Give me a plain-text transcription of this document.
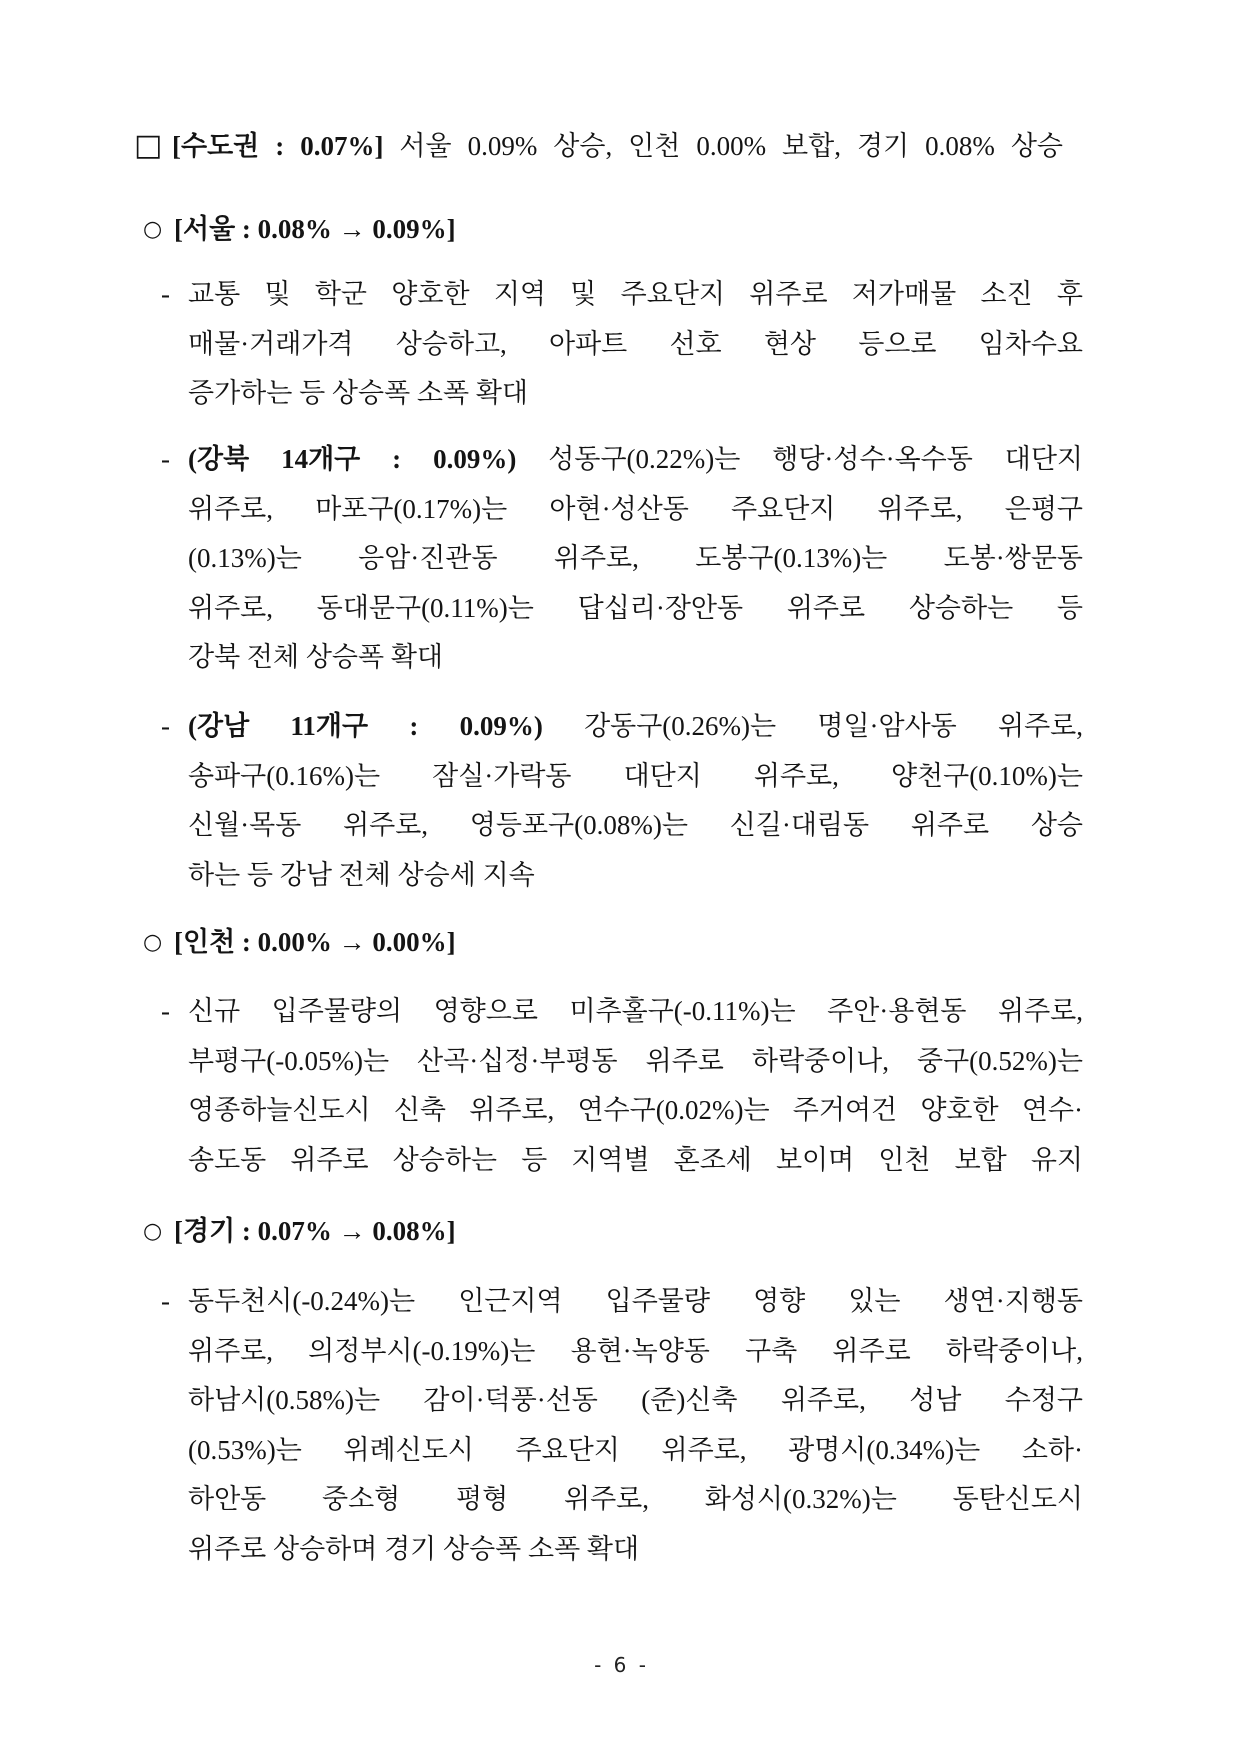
□ [수도권 : 0.07%] 서울 0.09% 상승, 인천 0.00% 보합, 경기 0.08% 상승
○ [서울 : 0.08% → 0.09%]
- 교통 및 학군 양호한 지역 및 주요단지 위주로 저가매물 소진 후
매물·거래가격 상승하고, 아파트 선호 현상 등으로 임차수요
증가하는 등 상승폭 소폭 확대
- (강북 14개구 : 0.09%) 성동구(0.22%)는 행당·성수·옥수동 대단지
위주로, 마포구(0.17%)는 아현·성산동 주요단지 위주로, 은평구
(0.13%)는 응암·진관동 위주로, 도봉구(0.13%)는 도봉·쌍문동
위주로, 동대문구(0.11%)는 답십리·장안동 위주로 상승하는 등
강북 전체 상승폭 확대
- (강남 11개구 : 0.09%) 강동구(0.26%)는 명일·암사동 위주로,
송파구(0.16%)는 잠실·가락동 대단지 위주로, 양천구(0.10%)는
신월·목동 위주로, 영등포구(0.08%)는 신길·대림동 위주로 상승
하는 등 강남 전체 상승세 지속
○ [인천 : 0.00% → 0.00%]
- 신규 입주물량의 영향으로 미추홀구(-0.11%)는 주안·용현동 위주로,
부평구(-0.05%)는 산곡·십정·부평동 위주로 하락중이나, 중구(0.52%)는
영종하늘신도시 신축 위주로, 연수구(0.02%)는 주거여건 양호한 연수·
송도동 위주로 상승하는 등 지역별 혼조세 보이며 인천 보합 유지
○ [경기 : 0.07% → 0.08%]
- 동두천시(-0.24%)는 인근지역 입주물량 영향 있는 생연·지행동
위주로, 의정부시(-0.19%)는 용현·녹양동 구축 위주로 하락중이나,
하남시(0.58%)는 감이·덕풍·선동 (준)신축 위주로, 성남 수정구
(0.53%)는 위례신도시 주요단지 위주로, 광명시(0.34%)는 소하·
하안동 중소형 평형 위주로, 화성시(0.32%)는 동탄신도시
위주로 상승하며 경기 상승폭 소폭 확대
- 6 -
